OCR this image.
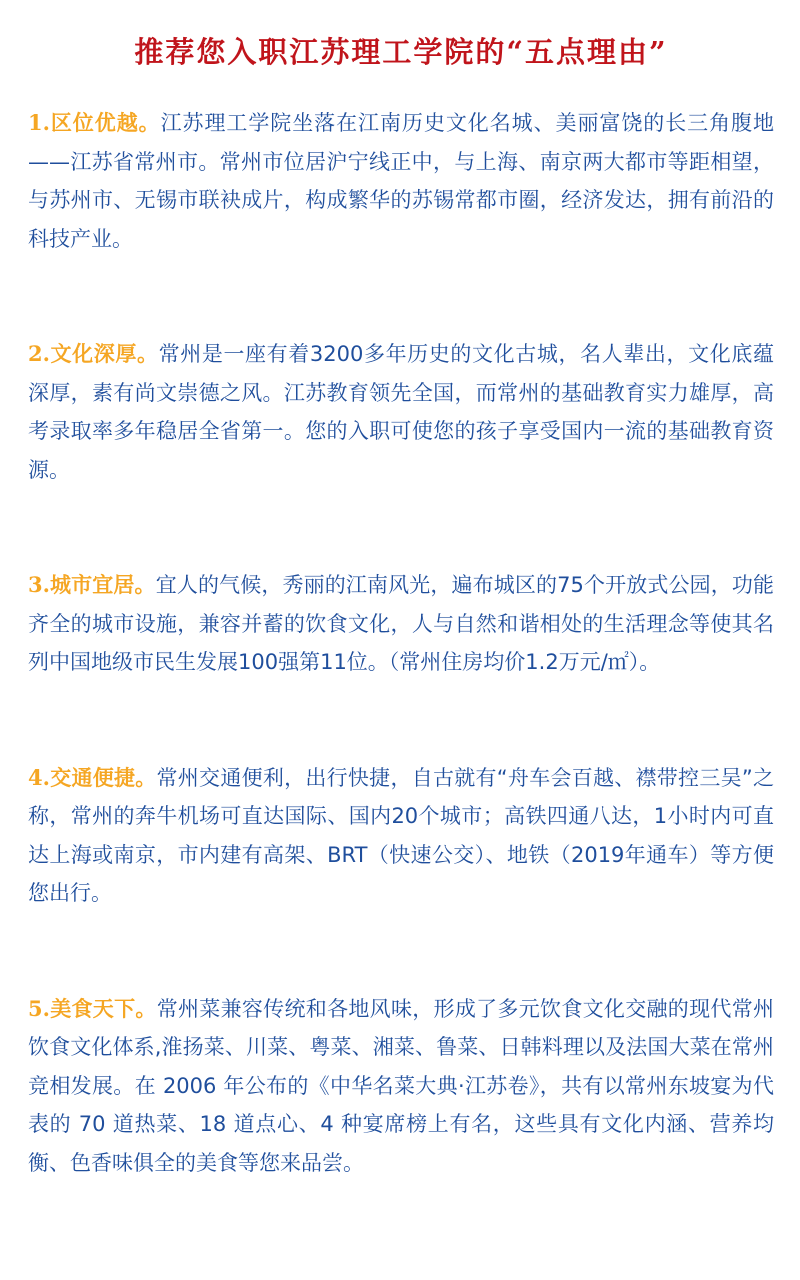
推荐您入职江苏理工学院的“五点理由”

1.区位优越。江苏理工学院坐落在江南历史文化名城、美丽富饶的长三角腹地——江苏省常州市。常州市位居沪宁线正中，与上海、南京两大都市等距相望，与苏州市、无锡市联袂成片，构成繁华的苏锡常都市圈，经济发达，拥有前沿的科技产业。

2.文化深厚。常州是一座有着3200多年历史的文化古城，名人辈出，文化底蕴深厚，素有尚文崇德之风。江苏教育领先全国，而常州的基础教育实力雄厚，高考录取率多年稳居全省第一。您的入职可使您的孩子享受国内一流的基础教育资源。

3.城市宜居。宜人的气候，秀丽的江南风光，遍布城区的75个开放式公园，功能齐全的城市设施，兼容并蓄的饮食文化，人与自然和谐相处的生活理念等使其名列中国地级市民生发展100强第11位。（常州住房均价1.2万元/㎡）。

4.交通便捷。常州交通便利，出行快捷，自古就有“舟车会百越、襟带控三吴”之称，常州的奔牛机场可直达国际、国内20个城市；高铁四通八达，1小时内可直达上海或南京，市内建有高架、BRT（快速公交）、地铁（2019年通车）等方便您出行。

5.美食天下。常州菜兼容传统和各地风味，形成了多元饮食文化交融的现代常州饮食文化体系,淮扬菜、川菜、粤菜、湘菜、鲁菜、日韩料理以及法国大菜在常州竞相发展。在 2006 年公布的《中华名菜大典·江苏卷》，共有以常州东坡宴为代表的 70 道热菜、18 道点心、4 种宴席榜上有名，这些具有文化内涵、营养均衡、色香味俱全的美食等您来品尝。
